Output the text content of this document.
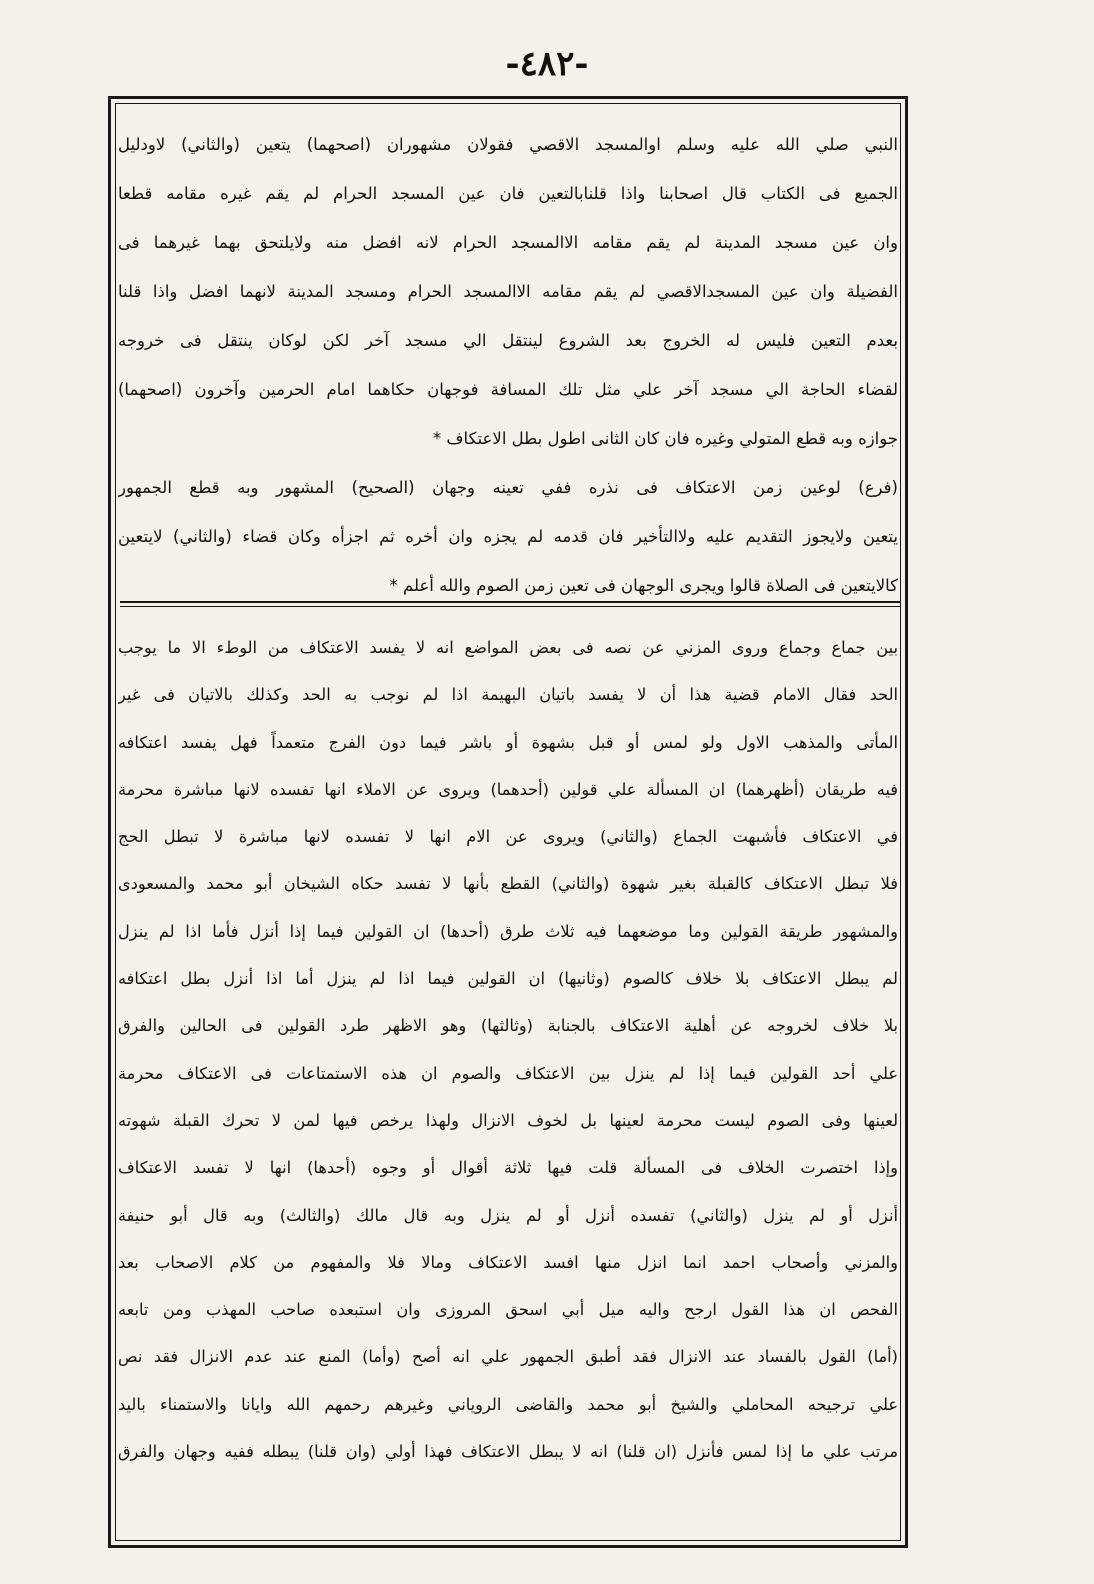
-٤٨٢-
النبي صلي الله عليه وسلم اوالمسجد الاقصي فقولان مشهوران (اصحهما) يتعين (والثاني) لاودليل
الجميع فى الكتاب قال اصحابنا واذا قلنابالتعين فان عين المسجد الحرام لم يقم غيره مقامه قطعا
وان عين مسجد المدينة لم يقم مقامه الاالمسجد الحرام لانه افضل منه ولايلتحق بهما غيرهما فى
الفضيلة وان عين المسجدالاقصي لم يقم مقامه الاالمسجد الحرام ومسجد المدينة لانهما افضل واذا قلنا
بعدم التعين فليس له الخروج بعد الشروع لينتقل الي مسجد آخر لكن لوكان ينتقل فى خروجه
لقضاء الحاجة الي مسجد آخر علي مثل تلك المسافة فوجهان حكاهما امام الحرمين وآخرون (اصحهما)
جوازه وبه قطع المتولي وغيره فان كان الثانى اطول بطل الاعتكاف *
(فرع) لوعين زمن الاعتكاف فى نذره ففي تعينه وجهان (الصحيح) المشهور وبه قطع الجمهور
يتعين ولايجوز التقديم عليه ولاالتأخير فان قدمه لم يجزه وان أخره ثم اجزأه وكان قضاء (والثاني) لايتعين
كالايتعين فى الصلاة قالوا ويجرى الوجهان فى تعين زمن الصوم والله أعلم *
بين جماع وجماع وروى المزني عن نصه فى بعض المواضع انه لا يفسد الاعتكاف من الوطء الا ما يوجب
الحد فقال الامام قضية هذا أن لا يفسد باتيان البهيمة اذا لم نوجب به الحد وكذلك بالاتيان فى غير
المأتى والمذهب الاول ولو لمس أو قبل بشهوة أو باشر فيما دون الفرج متعمداً فهل يفسد اعتكافه
فيه طريقان (أظهرهما) ان المسألة علي قولين (أحدهما) ويروى عن الاملاء انها تفسده لانها مباشرة محرمة
في الاعتكاف فأشبهت الجماع (والثاني) ويروى عن الام انها لا تفسده لانها مباشرة لا تبطل الحج
فلا تبطل الاعتكاف كالقبلة بغير شهوة (والثاني) القطع بأنها لا تفسد حكاه الشيخان أبو محمد والمسعودى
والمشهور طريقة القولين وما موضعهما فيه ثلاث طرق (أحدها) ان القولين فيما إذا أنزل فأما اذا لم ينزل
لم يبطل الاعتكاف بلا خلاف كالصوم (وثانيها) ان القولين فيما اذا لم ينزل أما اذا أنزل بطل اعتكافه
بلا خلاف لخروجه عن أهلية الاعتكاف بالجنابة (وثالثها) وهو الاظهر طرد القولين فى الحالين والفرق
علي أحد القولين فيما إذا لم ينزل بين الاعتكاف والصوم ان هذه الاستمتاعات فى الاعتكاف محرمة
لعينها وفى الصوم ليست محرمة لعينها بل لخوف الانزال ولهذا يرخص فيها لمن لا تحرك القبلة شهوته
وإذا اختصرت الخلاف فى المسألة قلت فيها ثلاثة أقوال أو وجوه (أحدها) انها لا تفسد الاعتكاف
أنزل أو لم ينزل (والثاني) تفسده أنزل أو لم ينزل وبه قال مالك (والثالث) وبه قال أبو حنيفة
والمزني وأصحاب احمد انما انزل منها افسد الاعتكاف ومالا فلا والمفهوم من كلام الاصحاب بعد
الفحص ان هذا القول ارجح واليه ميل أبي اسحق المروزى وان استبعده صاحب المهذب ومن تابعه
(أما) القول بالفساد عند الانزال فقد أطبق الجمهور علي انه أصح (وأما) المنع عند عدم الانزال فقد نص
علي ترجيحه المحاملي والشيخ أبو محمد والقاضى الروياني وغيرهم رحمهم الله وايانا والاستمناء باليد
مرتب علي ما إذا لمس فأنزل (ان قلنا) انه لا يبطل الاعتكاف فهذا أولي (وان قلنا) يبطله ففيه وجهان والفرق
